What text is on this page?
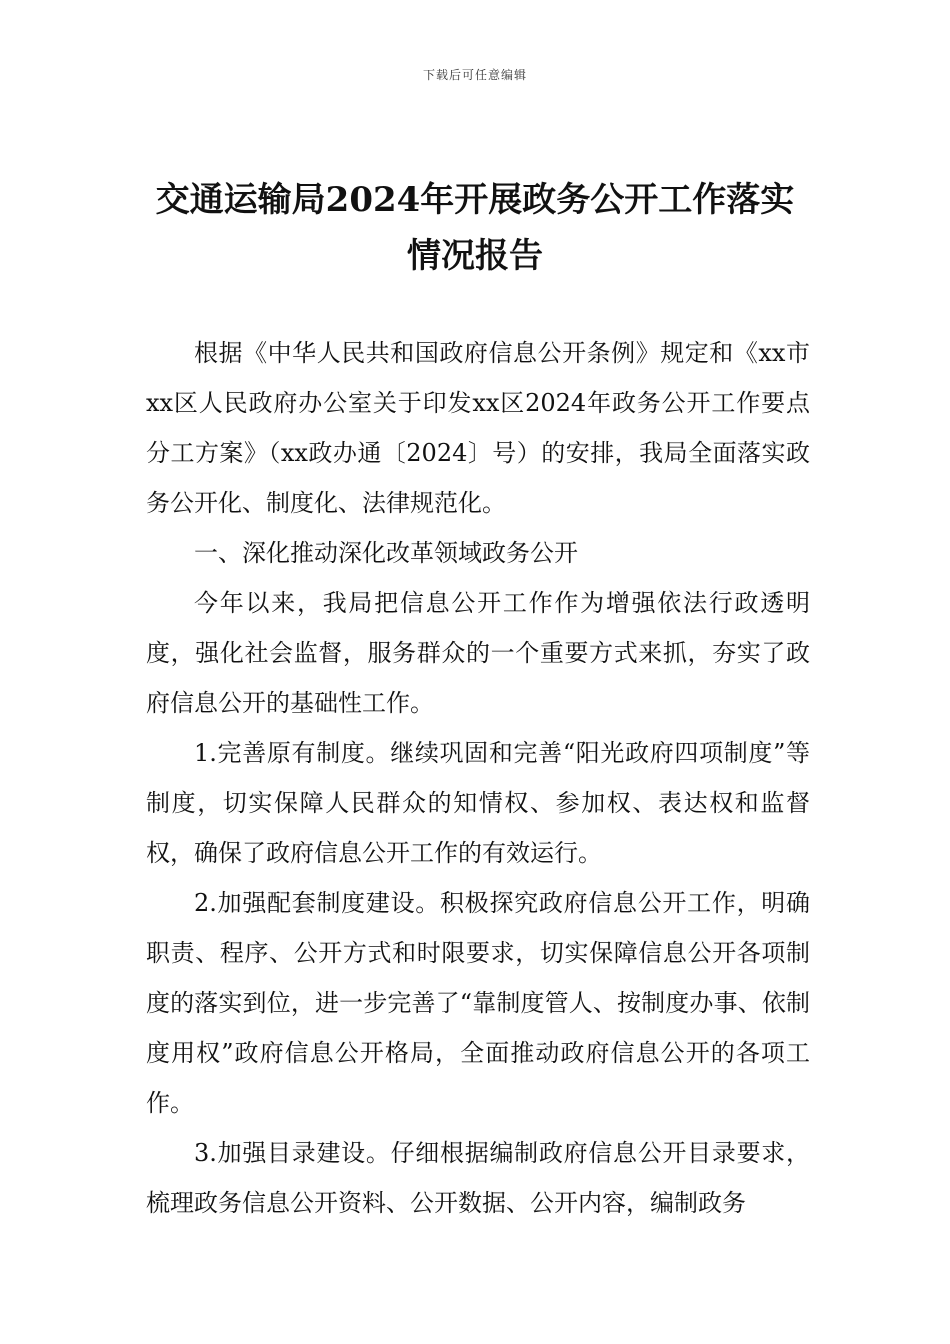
下载后可任意编辑
交通运输局2024年开展政务公开工作落实
情况报告

根据《中华人民共和国政府信息公开条例》规定和《xx市xx区人民政府办公室关于印发xx区2024年政务公开工作要点分工方案》（xx政办通〔2024〕号）的安排，我局全面落实政务公开化、制度化、法律规范化。

一、深化推动深化改革领域政务公开

今年以来，我局把信息公开工作作为增强依法行政透明度，强化社会监督，服务群众的一个重要方式来抓，夯实了政府信息公开的基础性工作。

1.完善原有制度。继续巩固和完善“阳光政府四项制度”等制度，切实保障人民群众的知情权、参加权、表达权和监督权，确保了政府信息公开工作的有效运行。

2.加强配套制度建设。积极探究政府信息公开工作，明确职责、程序、公开方式和时限要求，切实保障信息公开各项制度的落实到位，进一步完善了“靠制度管人、按制度办事、依制度用权”政府信息公开格局，全面推动政府信息公开的各项工作。

3.加强目录建设。仔细根据编制政府信息公开目录要求，梳理政务信息公开资料、公开数据、公开内容，编制政务
